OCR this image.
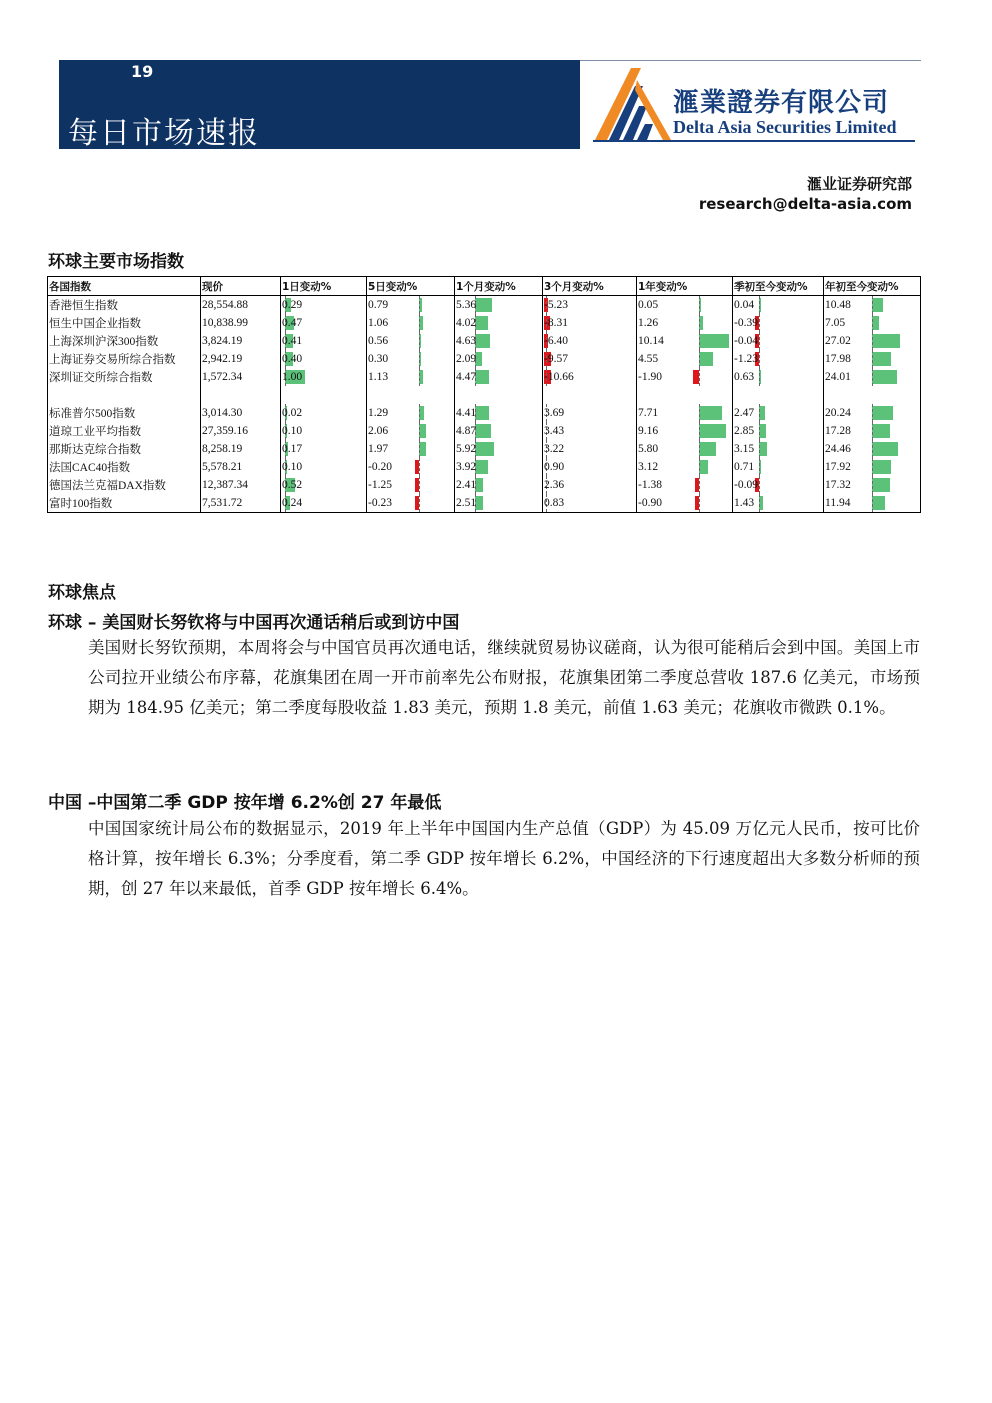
19
每日市场速报
滙業證券有限公司
Delta Asia Securities Limited
滙业证券研究部
research@delta-asia.com
环球主要市场指数
各国指数	现价	1日变动%	5日变动%	1个月变动%	3个月变动%	1年变动%	季初至今变动%	年初至今变动%
香港恒生指数	28,554.88	0.29	0.79	5.36	-5.23	0.05	0.04	10.48
恒生中国企业指数	10,838.99	0.47	1.06	4.02	-8.31	1.26	-0.39	7.05
上海深圳沪深300指数	3,824.19	0.41	0.56	4.63	-6.40	10.14	-0.04	27.02
上海证券交易所综合指数	2,942.19	0.40	0.30	2.09	-9.57	4.55	-1.23	17.98
深圳证交所综合指数	1,572.34	1.00	1.13	4.47	-10.66	-1.90	0.63	24.01

标准普尔500指数	3,014.30	0.02	1.29	4.41	3.69	7.71	2.47	20.24
道琼工业平均指数	27,359.16	0.10	2.06	4.87	3.43	9.16	2.85	17.28
那斯达克综合指数	8,258.19	0.17	1.97	5.92	3.22	5.80	3.15	24.46
法国CAC40指数	5,578.21	0.10	-0.20	3.92	0.90	3.12	0.71	17.92
德国法兰克福DAX指数	12,387.34	0.52	-1.25	2.41	2.36	-1.38	-0.09	17.32
富时100指数	7,531.72	0.24	-0.23	2.51	0.83	-0.90	1.43	11.94
环球焦点
环球 – 美国财长努钦将与中国再次通话稍后或到访中国
美国财长努钦预期，本周将会与中国官员再次通电话，继续就贸易协议磋商，认为很可能稍后会到中国。美国上市公司拉开业绩公布序幕，花旗集团在周一开市前率先公布财报，花旗集团第二季度总营收 187.6 亿美元，市场预期为 184.95 亿美元；第二季度每股收益 1.83 美元，预期 1.8 美元，前值 1.63 美元；花旗收市微跌 0.1%。
中国 –中国第二季 GDP 按年增 6.2%创 27 年最低
中国国家统计局公布的数据显示，2019 年上半年中国国内生产总值（GDP）为 45.09 万亿元人民币，按可比价格计算，按年增长 6.3%；分季度看，第二季 GDP 按年增长 6.2%，中国经济的下行速度超出大多数分析师的预期，创 27 年以来最低，首季 GDP 按年增长 6.4%。
